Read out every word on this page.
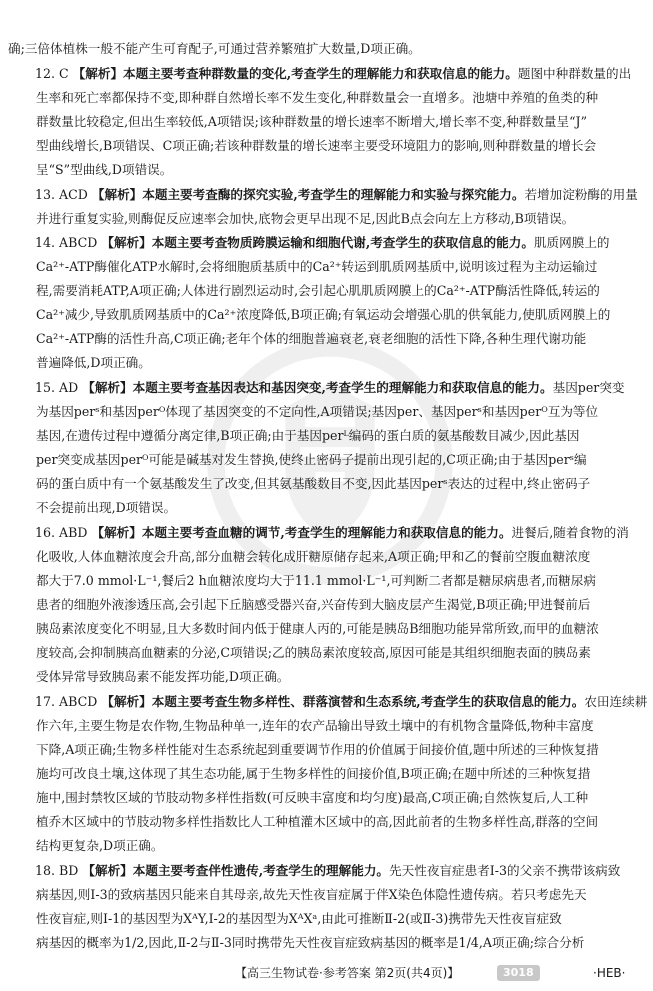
确;三倍体植株一般不能产生可育配子,可通过营养繁殖扩大数量,D项正确。
12. C 【解析】本题主要考查种群数量的变化,考查学生的理解能力和获取信息的能力。题图中种群数量的出
生率和死亡率都保持不变,即种群自然增长率不发生变化,种群数量会一直增多。池塘中养殖的鱼类的种
群数量比较稳定,但出生率较低,A项错误;该种群数量的增长速率不断增大,增长率不变,种群数量呈“J”
型曲线增长,B项错误、C项正确;若该种群数量的增长速率主要受环境阻力的影响,则种群数量的增长会
呈“S”型曲线,D项错误。
13. ACD 【解析】本题主要考查酶的探究实验,考查学生的理解能力和实验与探究能力。若增加淀粉酶的用量
并进行重复实验,则酶促反应速率会加快,底物会更早出现不足,因此B点会向左上方移动,B项错误。
14. ABCD 【解析】本题主要考查物质跨膜运输和细胞代谢,考查学生的获取信息的能力。肌质网膜上的
Ca²⁺-ATP酶催化ATP水解时,会将细胞质基质中的Ca²⁺转运到肌质网基质中,说明该过程为主动运输过
程,需要消耗ATP,A项正确;人体进行剧烈运动时,会引起心肌肌质网膜上的Ca²⁺-ATP酶活性降低,转运的
Ca²⁺减少,导致肌质网基质中的Ca²⁺浓度降低,B项正确;有氧运动会增强心肌的供氧能力,使肌质网膜上的
Ca²⁺-ATP酶的活性升高,C项正确;老年个体的细胞普遍衰老,衰老细胞的活性下降,各种生理代谢功能
普遍降低,D项正确。
15. AD 【解析】本题主要考查基因表达和基因突变,考查学生的理解能力和获取信息的能力。基因per突变
为基因perˢ和基因perᴼ体现了基因突变的不定向性,A项错误;基因per、基因perˢ和基因perᴼ互为等位
基因,在遗传过程中遵循分离定律,B项正确;由于基因perᴸ编码的蛋白质的氨基酸数目减少,因此基因
per突变成基因perᴼ可能是碱基对发生替换,使终止密码子提前出现引起的,C项正确;由于基因perˢ编
码的蛋白质中有一个氨基酸发生了改变,但其氨基酸数目不变,因此基因perˢ表达的过程中,终止密码子
不会提前出现,D项错误。
16. ABD 【解析】本题主要考查血糖的调节,考查学生的理解能力和获取信息的能力。进餐后,随着食物的消
化吸收,人体血糖浓度会升高,部分血糖会转化成肝糖原储存起来,A项正确;甲和乙的餐前空腹血糖浓度
都大于7.0 mmol·L⁻¹,餐后2 h血糖浓度均大于11.1 mmol·L⁻¹,可判断二者都是糖尿病患者,而糖尿病
患者的细胞外液渗透压高,会引起下丘脑感受器兴奋,兴奋传到大脑皮层产生渴觉,B项正确;甲进餐前后
胰岛素浓度变化不明显,且大多数时间内低于健康人丙的,可能是胰岛B细胞功能异常所致,而甲的血糖浓
度较高,会抑制胰高血糖素的分泌,C项错误;乙的胰岛素浓度较高,原因可能是其组织细胞表面的胰岛素
受体异常导致胰岛素不能发挥功能,D项正确。
17. ABCD 【解析】本题主要考查生物多样性、群落演替和生态系统,考查学生的获取信息的能力。农田连续耕
作六年,主要生物是农作物,生物品种单一,连年的农产品输出导致土壤中的有机物含量降低,物种丰富度
下降,A项正确;生物多样性能对生态系统起到重要调节作用的价值属于间接价值,题中所述的三种恢复措
施均可改良土壤,这体现了其生态功能,属于生物多样性的间接价值,B项正确;在题中所述的三种恢复措
施中,围封禁牧区域的节肢动物多样性指数(可反映丰富度和均匀度)最高,C项正确;自然恢复后,人工种
植乔木区域中的节肢动物多样性指数比人工种植灌木区域中的高,因此前者的生物多样性高,群落的空间
结构更复杂,D项正确。
18. BD 【解析】本题主要考查伴性遗传,考查学生的理解能力。先天性夜盲症患者Ⅰ-3的父亲不携带该病致
病基因,则Ⅰ-3的致病基因只能来自其母亲,故先天性夜盲症属于伴X染色体隐性遗传病。若只考虑先天
性夜盲症,则Ⅰ-1的基因型为XᴬY,Ⅰ-2的基因型为XᴬXᵃ,由此可推断Ⅱ-2(或Ⅱ-3)携带先天性夜盲症致
病基因的概率为1/2,因此,Ⅱ-2与Ⅱ-3同时携带先天性夜盲症致病基因的概率是1/4,A项正确;综合分析
【高三生物试卷·参考答案 第2页(共4页)】	3018	·HEB·
